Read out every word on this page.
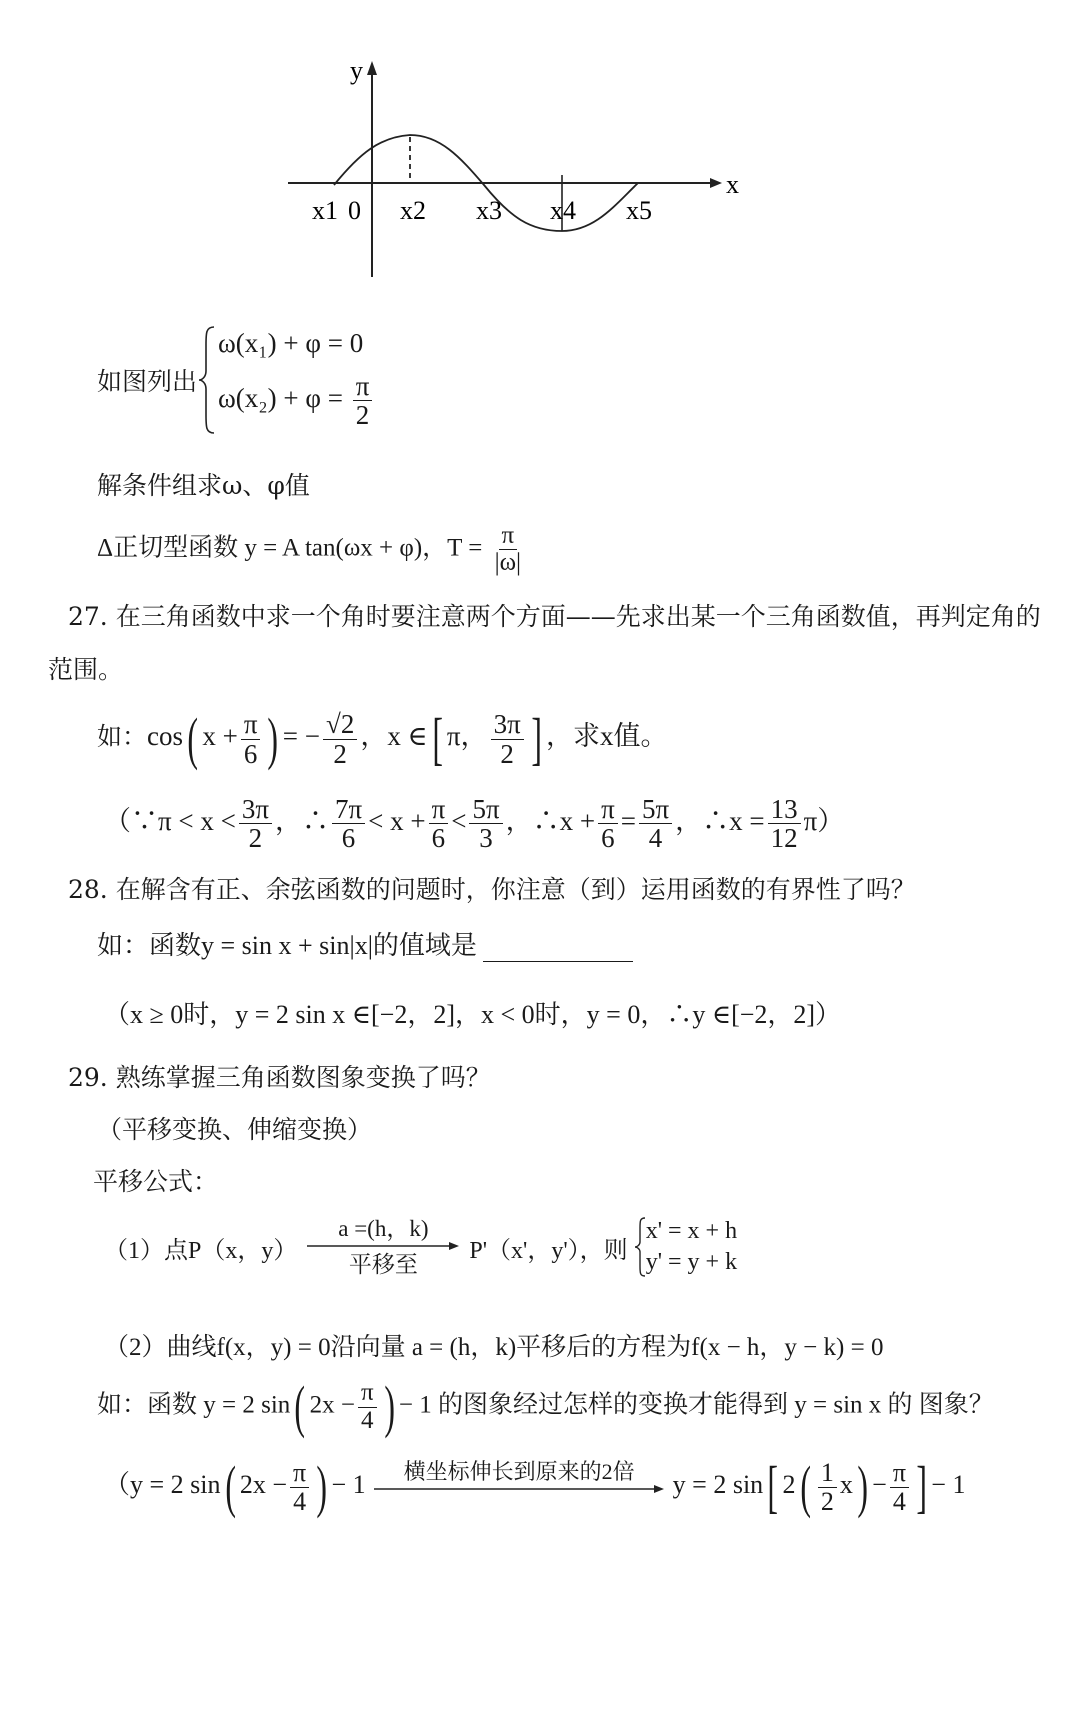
y
x
0
x1 x2 x3 x4 x5
如图列出
ω(x₁) + φ = 0
$\omega(x_2) + \varphi = \frac{\pi}{2}$
解条件组求ω、φ值
Δ正切型函数 y = A tan(ωx + φ)，$T = \frac{\pi}{|\omega|}$
27. 在三角函数中求一个角时要注意两个方面——先求出某一个三角函数值，再判定角的
范围。
如：cos( $x + \frac{\pi}{6}$ ) = − $\frac{√2}{2}$ ，x ∈[ π， $\frac{3\pi}{2}$ ] ，求x值。
（∵π < $x < \frac{3\pi}{2}$ ，∴ $\frac{7\pi}{6} < x + \frac{\pi}{6} < \frac{5\pi}{3}$ ，∴x + $\frac{\pi}{6} = \frac{5\pi}{4}$ ，∴x = $\frac{13}{12} \pi$）
28. 在解含有正、余弦函数的问题时，你注意（到）运用函数的有界性了吗？
如：函数y = sin x + sin|x|的值域是
（x ≥ 0时，y = 2 sin x ∈[−2，2]，x < 0时，y = 0，∴y ∈[−2，2]）
29. 熟练掌握三角函数图象变换了吗？
（平移变换、伸缩变换）
平移公式：
（1）点P（x，y）
a =(h，k)
平移至
P'（x'，y'），则
x' = x + h
y' = y + k
（2）曲线f(x，y) = 0沿向量 a = (h，k)平移后的方程为f(x − h，y − k) = 0
如：函数 y = 2 sin( $2x - \frac{\pi}{4}$ ) − 1 的图象经过怎样的变换才能得到 y = sin x 的 图象？
（y = 2 sin( $2x - \frac{\pi}{4}$ ) − 1 横坐标伸长到原来的2倍 y = 2 sin[ $2( \frac{1}{2} x) - \frac{\pi}{4}$ ] − 1
